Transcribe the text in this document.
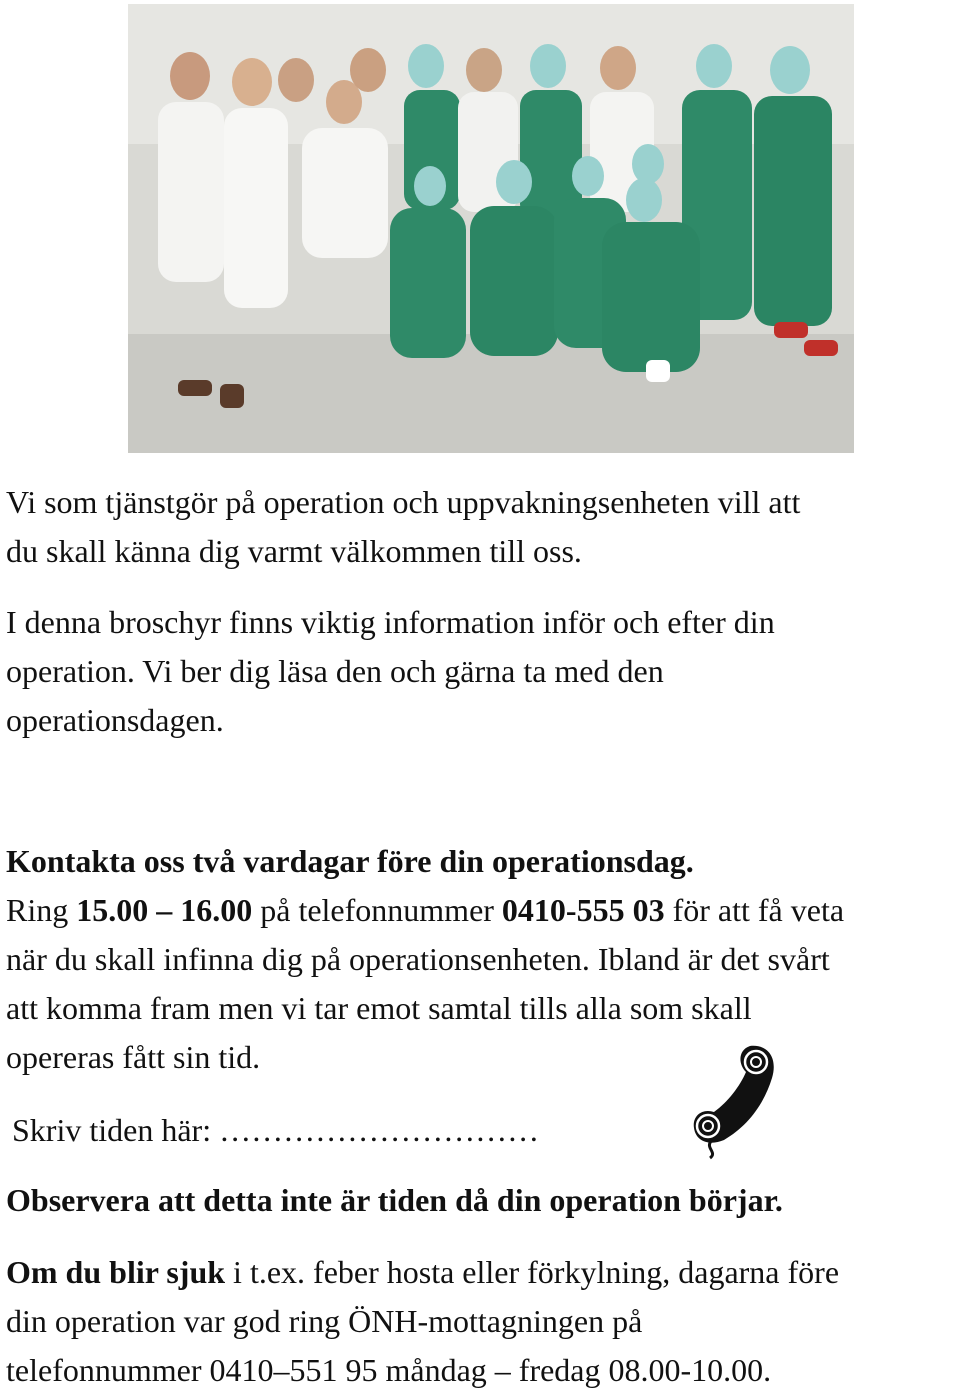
Vi som tjänstgör på operation och uppvakningsenheten vill att
du skall känna dig varmt välkommen till oss.
I denna broschyr finns viktig information inför och efter din
operation. Vi ber dig läsa den och gärna ta med den
operationsdagen.
Kontakta oss två vardagar före din operationsdag.
Ring 15.00 – 16.00 på telefonnummer 0410-555 03 för att få veta
när du skall infinna dig på operationsenheten. Ibland är det svårt
att komma fram men vi tar emot samtal tills alla som skall
opereras fått sin tid.
Skriv tiden här: …………………………
Observera att detta inte är tiden då din operation börjar.
Om du blir sjuk i t.ex. feber hosta eller förkylning, dagarna före
din operation var god ring ÖNH-mottagningen på
telefonnummer 0410–551 95 måndag – fredag 08.00-10.00.
